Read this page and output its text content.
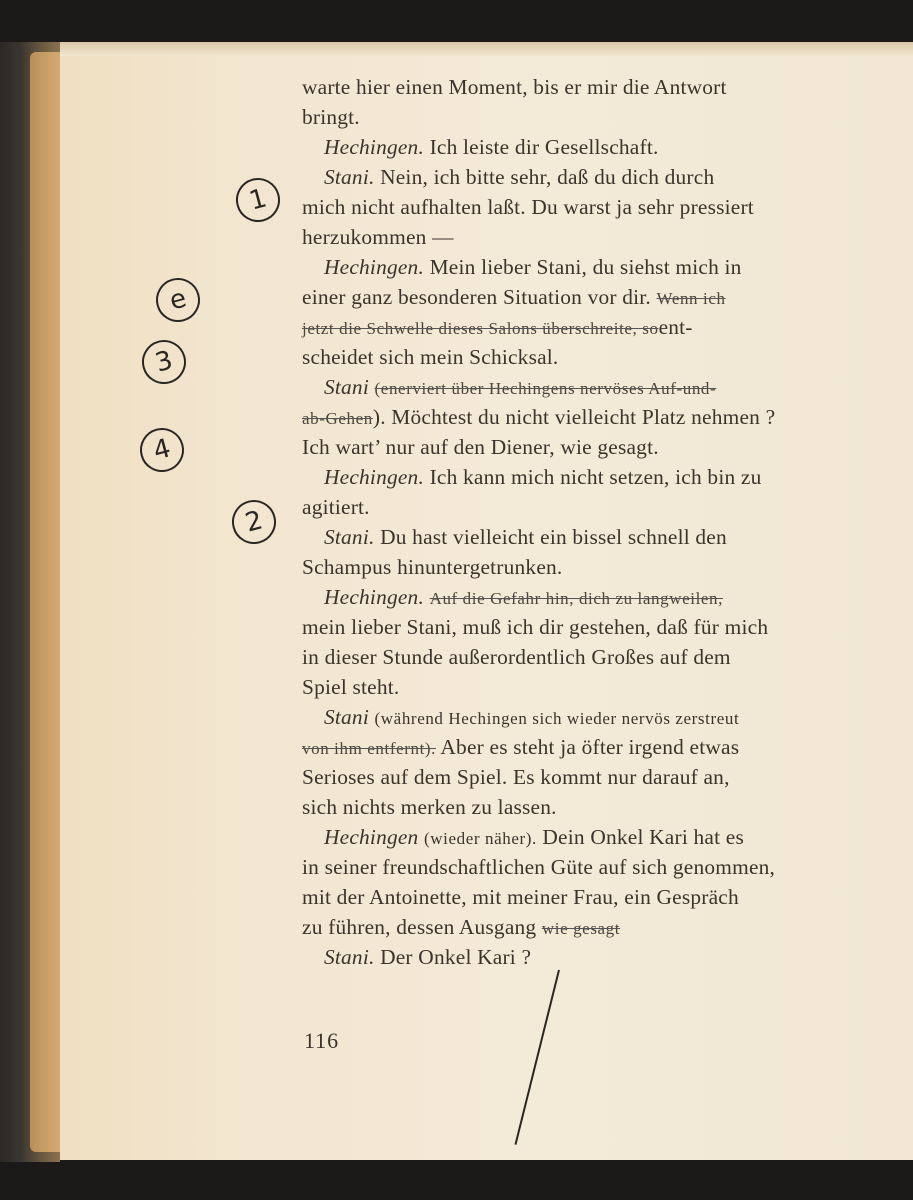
1
e
3
4
2
warte hier einen Moment, bis er mir die Antwort
bringt.
Hechingen. Ich leiste dir Gesellschaft.
Stani. Nein, ich bitte sehr, daß du dich durch
mich nicht aufhalten laßt. Du warst ja sehr pressiert
herzukommen —
Hechingen. Mein lieber Stani, du siehst mich in
einer ganz besonderen Situation vor dir. Wenn ich
jetzt die Schwelle dieses Salons überschreite, soent-
scheidet sich mein Schicksal.
Stani (enerviert über Hechingens nervöses Auf-und-
ab-Gehen). Möchtest du nicht vielleicht Platz nehmen ?
Ich wart’ nur auf den Diener, wie gesagt.
Hechingen. Ich kann mich nicht setzen, ich bin zu
agitiert.
Stani. Du hast vielleicht ein bissel schnell den
Schampus hinuntergetrunken.
Hechingen. Auf die Gefahr hin, dich zu langweilen,
mein lieber Stani, muß ich dir gestehen, daß für mich
in dieser Stunde außerordentlich Großes auf dem
Spiel steht.
Stani (während Hechingen sich wieder nervös zerstreut
von ihm entfernt). Aber es steht ja öfter irgend etwas
Serioses auf dem Spiel. Es kommt nur darauf an,
sich nichts merken zu lassen.
Hechingen (wieder näher). Dein Onkel Kari hat es
in seiner freundschaftlichen Güte auf sich genommen,
mit der Antoinette, mit meiner Frau, ein Gespräch
zu führen, dessen Ausgang wie gesagt
Stani. Der Onkel Kari ?
116
